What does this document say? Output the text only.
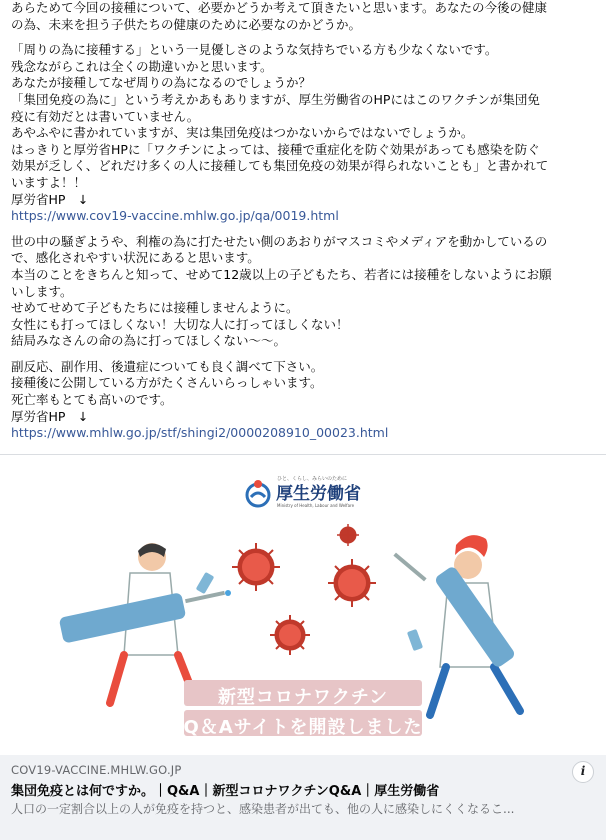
あらためて今回の接種について、必要かどうか考えて頂きたいと思います。あなたの今後の健康
の為、未来を担う子供たちの健康のために必要なのかどうか。

「周りの為に接種する」という一見優しさのような気持ちでいる方も少なくないです。
残念ながらこれは全くの勘違いかと思います。
あなたが接種してなぜ周りの為になるのでしょうか？
「集団免疫の為に」という考えかあもありますが、厚生労働省のHPにはこのワクチンが集団免
疫に有効だとは書いていません。
あやふやに書かれていますが、実は集団免疫はつかないからではないでしょうか。
はっきりと厚労省HPに「ワクチンによっては、接種で重症化を防ぐ効果があっても感染を防ぐ
効果が乏しく、どれだけ多くの人に接種しても集団免疫の効果が得られないことも」と書かれて
いますよ！！
厚労省HP　↓
https://www.cov19-vaccine.mhlw.go.jp/qa/0019.html

世の中の騒ぎようや、利権の為に打たせたい側のあおりがマスコミやメディアを動かしているの
で、感化されやすい状況にあると思います。
本当のことをきちんと知って、せめて12歳以上の子どもたち、若者には接種をしないようにお願
いします。
せめてせめて子どもたちには接種しませんように。
女性にも打ってほしくない！大切な人に打ってほしくない！
結局みなさんの命の為に打ってほしくない〜〜。

副反応、副作用、後遺症についても良く調べて下さい。
接種後に公開している方がたくさんいらっしゃいます。
死亡率もとても高いのです。
厚労省HP　↓
https://www.mhlw.go.jp/stf/shingi2/0000208910_00023.html

ひと、くらし、みらいのために
厚生労働省
Ministry of Health, Labour and Welfare
新型コロナワクチン
Q＆Aサイトを開設しました
COV19-VACCINE.MHLW.GO.JP
集団免疫とは何ですか。｜Q&A｜新型コロナワクチンQ&A｜厚生労働省
人口の一定割合以上の人が免疫を持つと、感染患者が出ても、他の人に感染しにくくなるこ...
i
